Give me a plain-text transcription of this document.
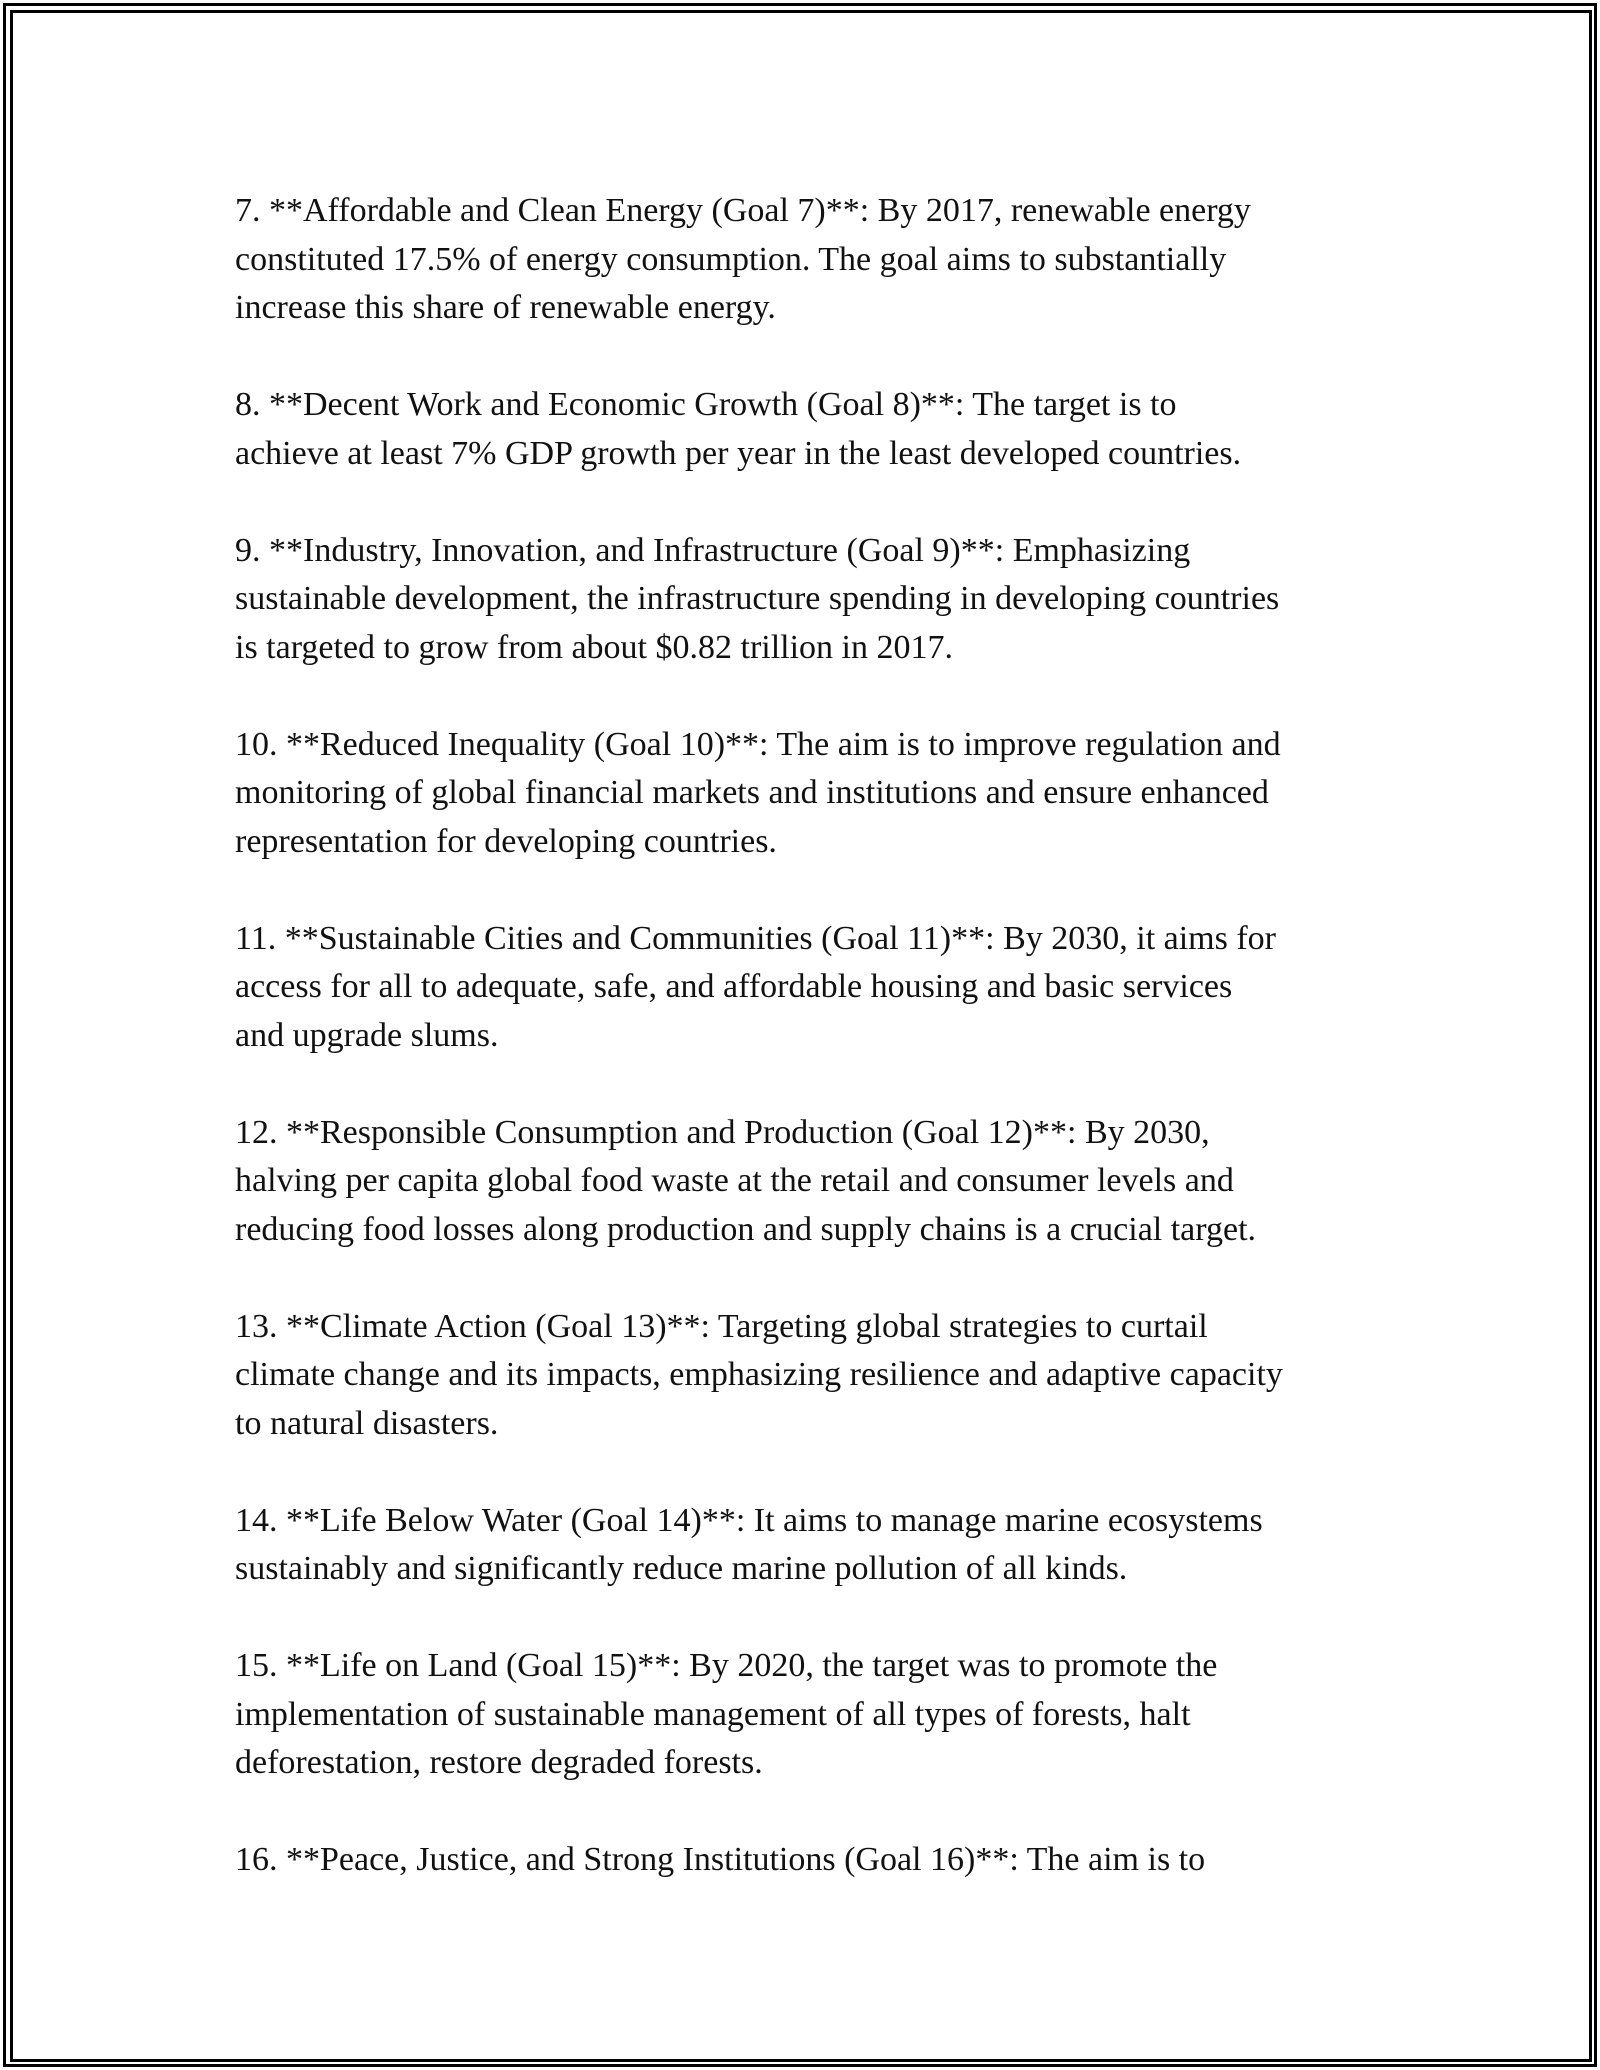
7. **Affordable and Clean Energy (Goal 7)**: By 2017, renewable energy
constituted 17.5% of energy consumption. The goal aims to substantially
increase this share of renewable energy.

8. **Decent Work and Economic Growth (Goal 8)**: The target is to
achieve at least 7% GDP growth per year in the least developed countries.

9. **Industry, Innovation, and Infrastructure (Goal 9)**: Emphasizing
sustainable development, the infrastructure spending in developing countries
is targeted to grow from about $0.82 trillion in 2017.

10. **Reduced Inequality (Goal 10)**: The aim is to improve regulation and
monitoring of global financial markets and institutions and ensure enhanced
representation for developing countries.

11. **Sustainable Cities and Communities (Goal 11)**: By 2030, it aims for
access for all to adequate, safe, and affordable housing and basic services
and upgrade slums.

12. **Responsible Consumption and Production (Goal 12)**: By 2030,
halving per capita global food waste at the retail and consumer levels and
reducing food losses along production and supply chains is a crucial target.

13. **Climate Action (Goal 13)**: Targeting global strategies to curtail
climate change and its impacts, emphasizing resilience and adaptive capacity
to natural disasters.

14. **Life Below Water (Goal 14)**: It aims to manage marine ecosystems
sustainably and significantly reduce marine pollution of all kinds.

15. **Life on Land (Goal 15)**: By 2020, the target was to promote the
implementation of sustainable management of all types of forests, halt
deforestation, restore degraded forests.

16. **Peace, Justice, and Strong Institutions (Goal 16)**: The aim is to
